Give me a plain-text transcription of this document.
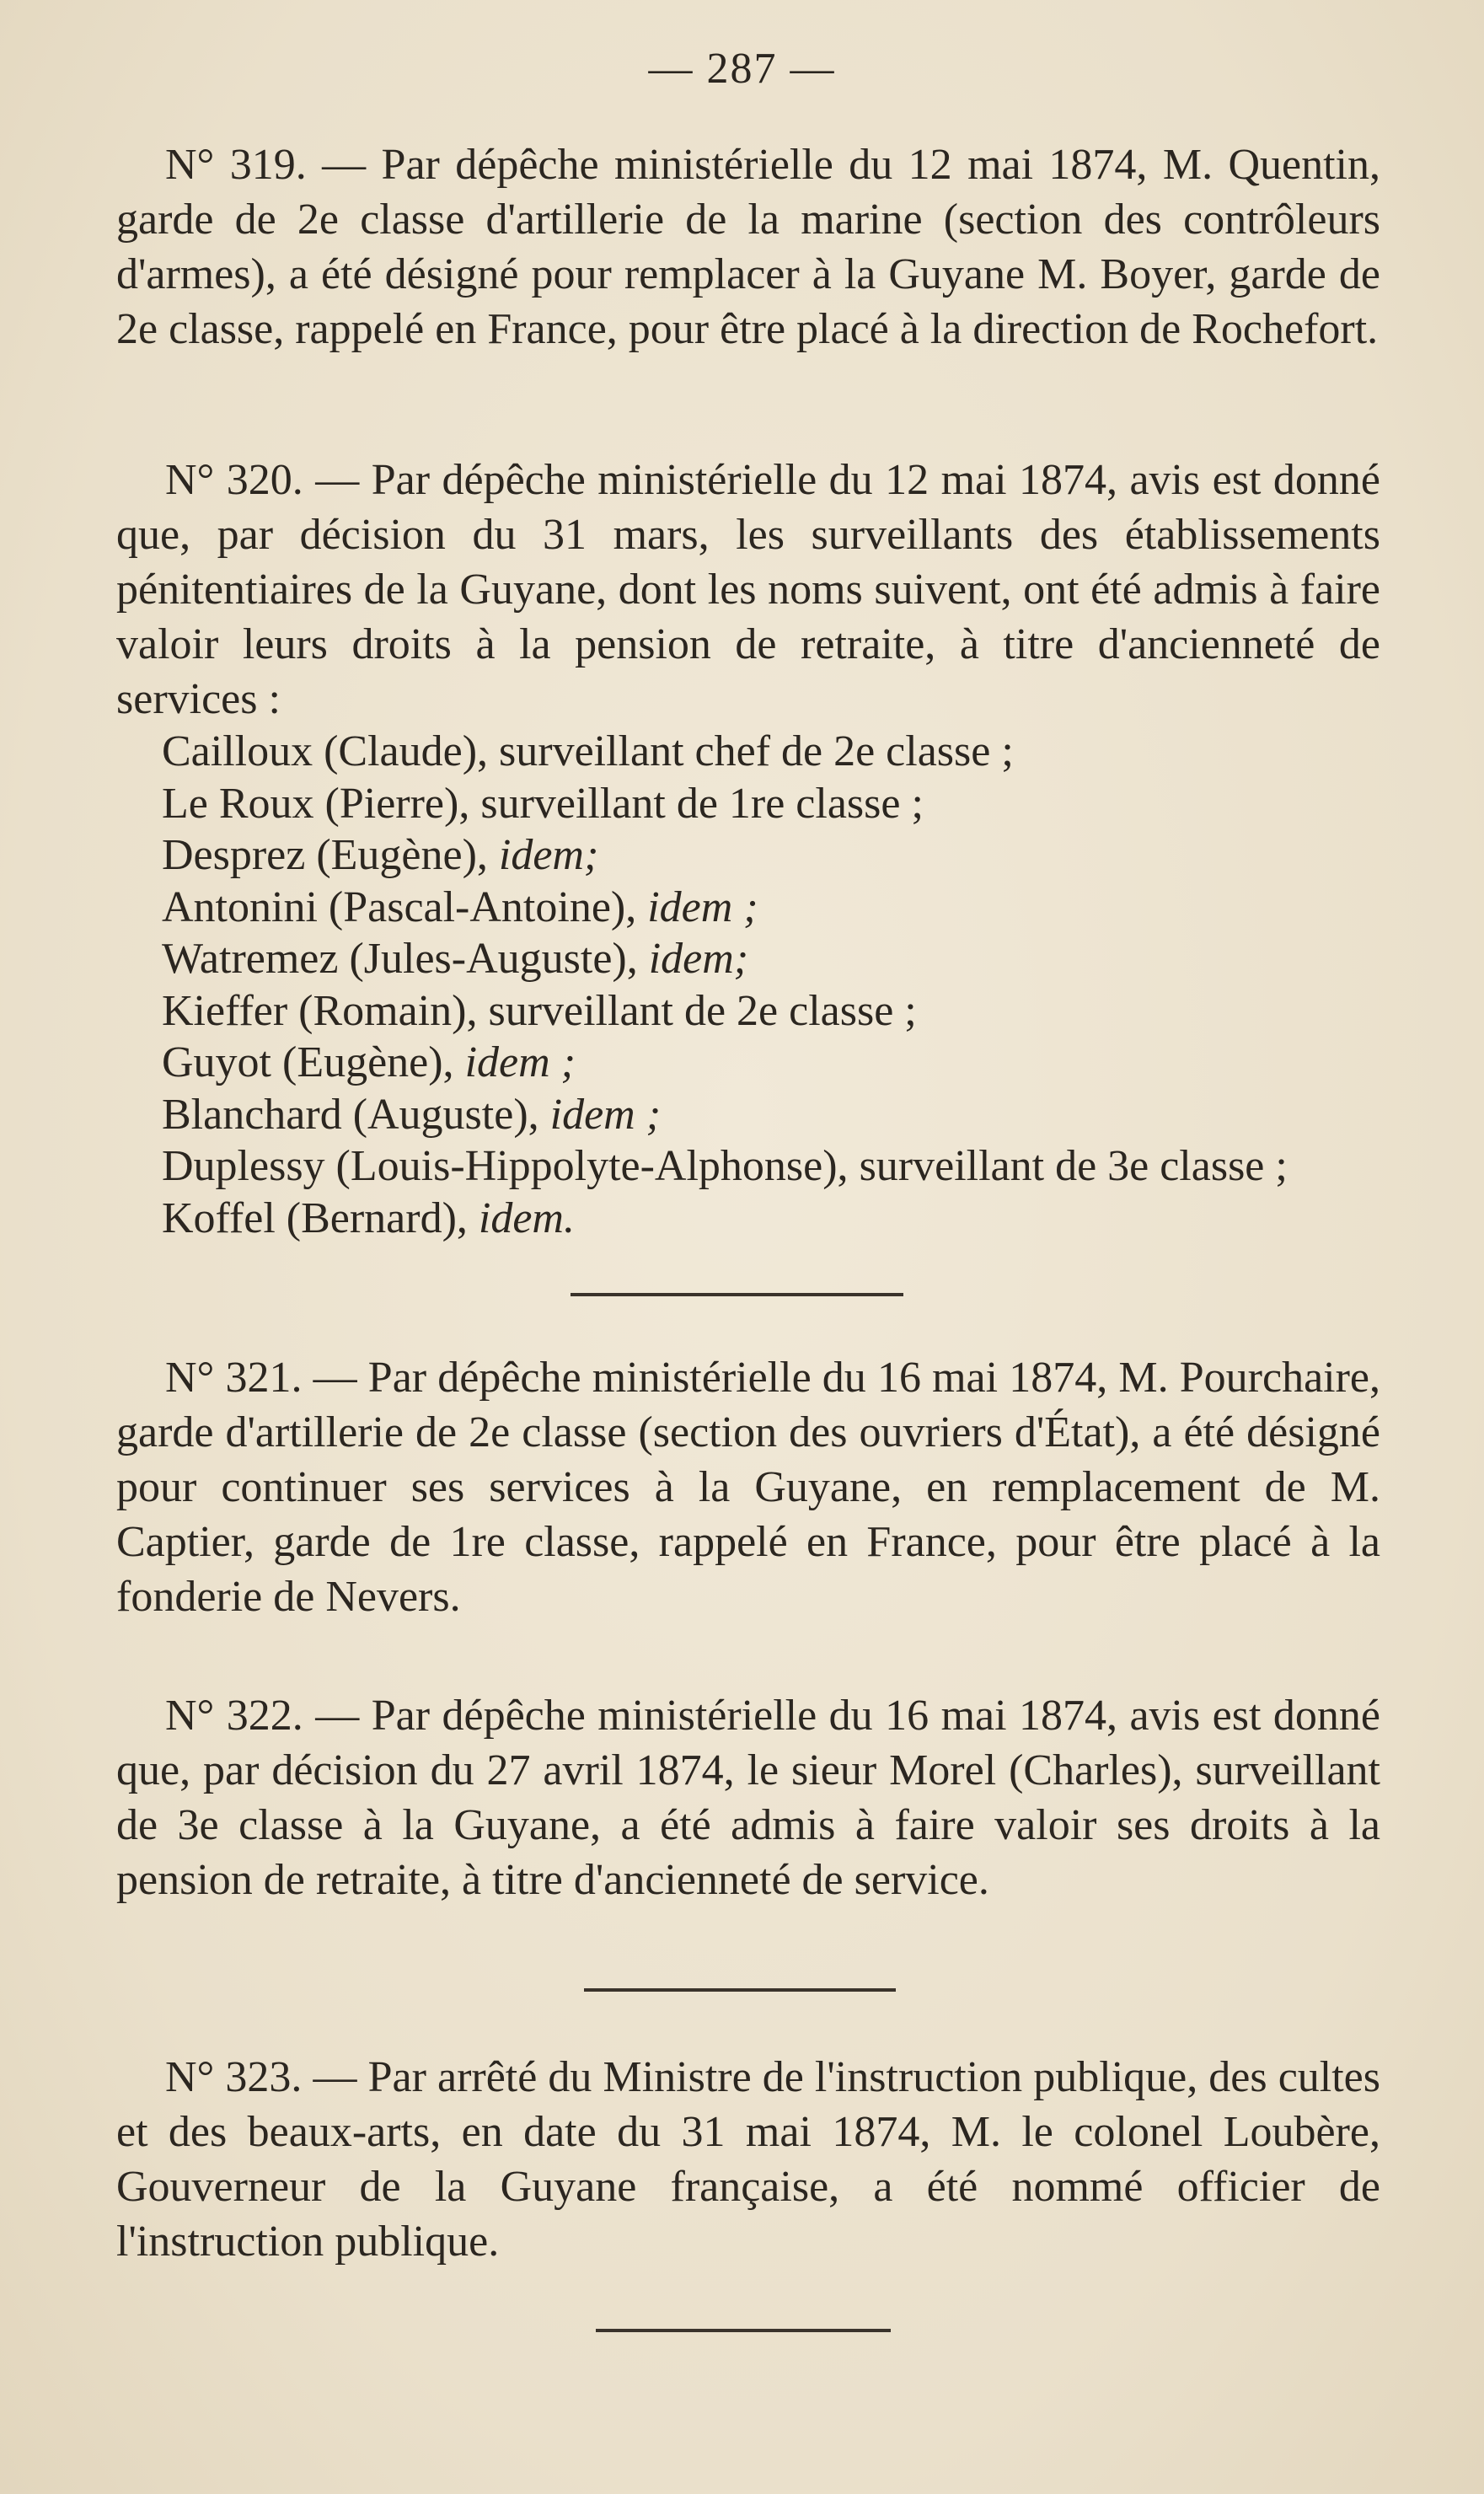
— 287 —

N° 319. — Par dépêche ministérielle du 12 mai 1874, M. Quentin, garde de 2e classe d'artillerie de la marine (section des contrôleurs d'armes), a été désigné pour remplacer à la Guyane M. Boyer, garde de 2e classe, rappelé en France, pour être placé à la direction de Rochefort.

N° 320. — Par dépêche ministérielle du 12 mai 1874, avis est donné que, par décision du 31 mars, les surveillants des établissements pénitentiaires de la Guyane, dont les noms suivent, ont été admis à faire valoir leurs droits à la pension de retraite, à titre d'ancienneté de services :

Cailloux (Claude), surveillant chef de 2e classe ;
Le Roux (Pierre), surveillant de 1re classe ;
Desprez (Eugène), idem;
Antonini (Pascal-Antoine), idem ;
Watremez (Jules-Auguste), idem;
Kieffer (Romain), surveillant de 2e classe ;
Guyot (Eugène), idem ;
Blanchard (Auguste), idem ;
Duplessy (Louis-Hippolyte-Alphonse), surveillant de 3e classe ;
Koffel (Bernard), idem.

N° 321. — Par dépêche ministérielle du 16 mai 1874, M. Pourchaire, garde d'artillerie de 2e classe (section des ouvriers d'État), a été désigné pour continuer ses services à la Guyane, en remplacement de M. Captier, garde de 1re classe, rappelé en France, pour être placé à la fonderie de Nevers.

N° 322. — Par dépêche ministérielle du 16 mai 1874, avis est donné que, par décision du 27 avril 1874, le sieur Morel (Charles), surveillant de 3e classe à la Guyane, a été admis à faire valoir ses droits à la pension de retraite, à titre d'ancienneté de service.

N° 323. — Par arrêté du Ministre de l'instruction publique, des cultes et des beaux-arts, en date du 31 mai 1874, M. le colonel Loubère, Gouverneur de la Guyane française, a été nommé officier de l'instruction publique.
